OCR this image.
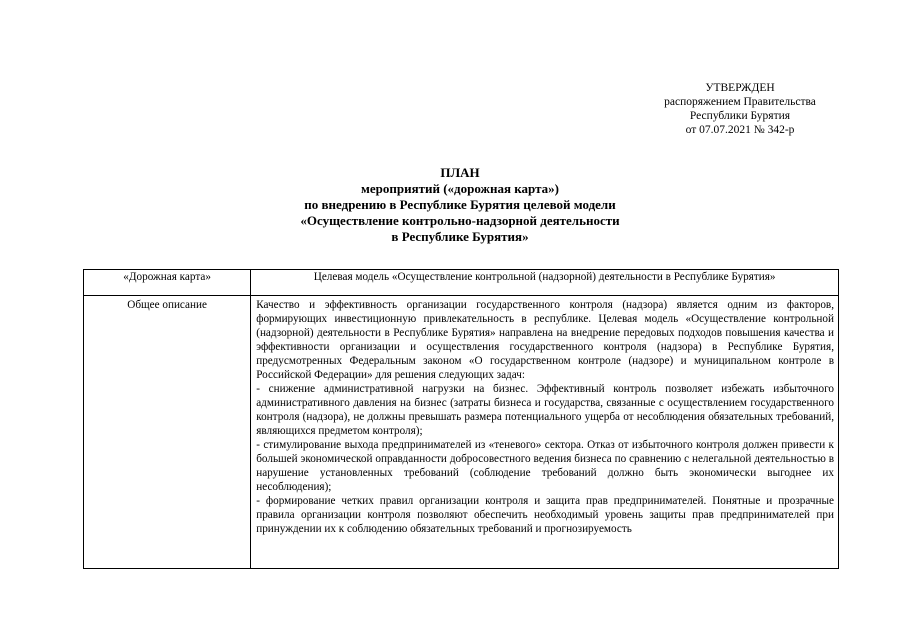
УТВЕРЖДЕН
распоряжением Правительства
Республики Бурятия
от 07.07.2021 № 342-р
ПЛАН
мероприятий («дорожная карта»)
по внедрению в Республике Бурятия целевой модели
«Осуществление контрольно-надзорной деятельности
в Республике Бурятия»
«Дорожная карта»	Целевая модель «Осуществление контрольной (надзорной) деятельности в Республике Бурятия»
Общее описание	Качество и эффективность организации государственного контроля (надзора) является одним из факторов, формирующих инвестиционную привлекательность в республике. Целевая модель «Осуществление контрольной (надзорной) деятельности в Республике Бурятия» направлена на внедрение передовых подходов повышения качества и эффективности организации и осуществления государственного контроля (надзора) в Республике Бурятия, предусмотренных Федеральным законом «О государственном контроле (надзоре) и муниципальном контроле в Российской Федерации» для решения следующих задач:

- снижение административной нагрузки на бизнес. Эффективный контроль позволяет избежать избыточного административного давления на бизнес (затраты бизнеса и государства, связанные с осуществлением государственного контроля (надзора), не должны превышать размера потенциального ущерба от несоблюдения обязательных требований, являющихся предметом контроля);

- стимулирование выхода предпринимателей из «теневого» сектора. Отказ от избыточного контроля должен привести к большей экономической оправданности добросовестного ведения бизнеса по сравнению с нелегальной деятельностью в нарушение установленных требований (соблюдение требований должно быть экономически выгоднее их несоблюдения);

- формирование четких правил организации контроля и защита прав предпринимателей. Понятные и прозрачные правила организации контроля позволяют обеспечить необходимый уровень защиты прав предпринимателей при принуждении их к соблюдению обязательных требований и прогнозируемость
